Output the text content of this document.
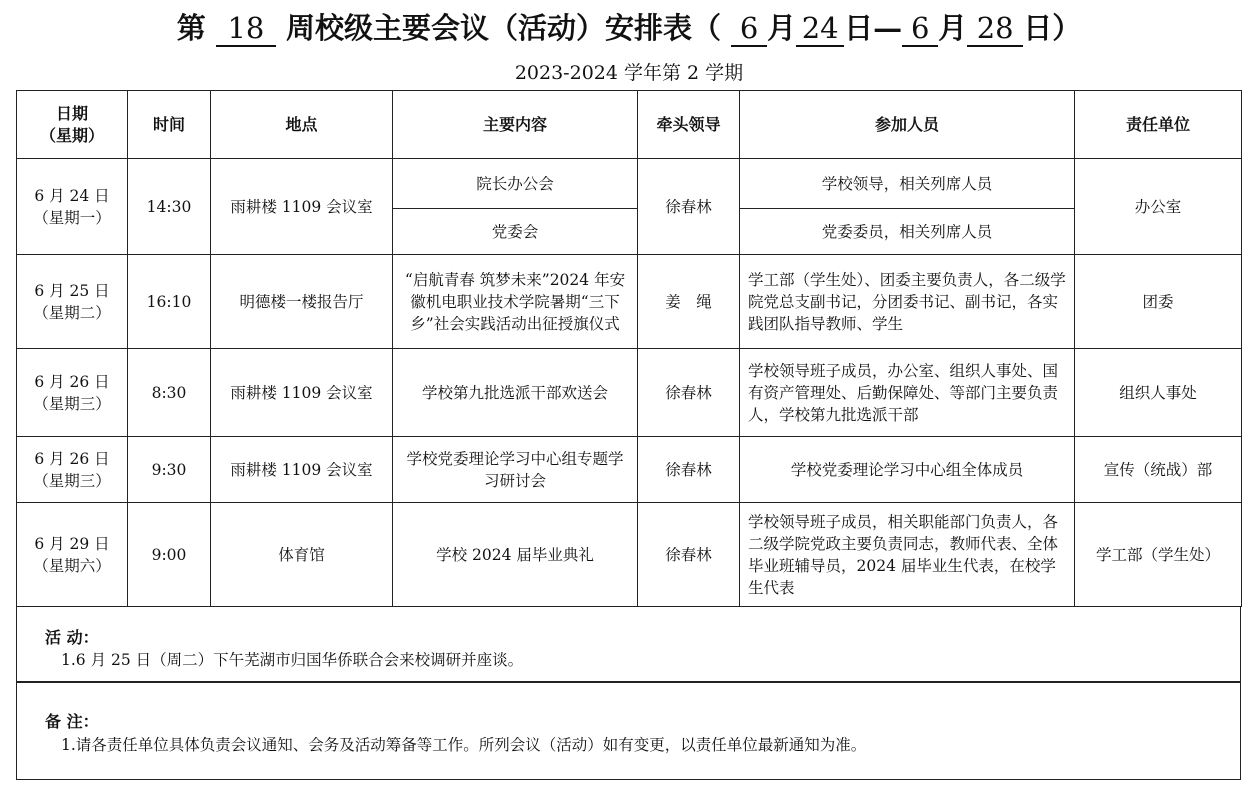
第 18 周校级主要会议（活动）安排表（ 6 月 24 日— 6 月 28 日）
2023-2024 学年第 2 学期
日期
（星期）	时间	地点	主要内容	牵头领导	参加人员	责任单位

6 月 24 日
（星期一）	14:30	雨耕楼 1109 会议室	院长办公会	徐春林	学校领导，相关列席人员	办公室
			党委会		党委委员，相关列席人员	

6 月 25 日
（星期二）	16:10	明德楼一楼报告厅	“启航青春 筑梦未来”2024 年安徽机电职业技术学院暑期“三下乡”社会实践活动出征授旗仪式	姜　绳	学工部（学生处）、团委主要负责人，各二级学院党总支副书记，分团委书记、副书记，各实践团队指导教师、学生	团委

6 月 26 日
（星期三）	8:30	雨耕楼 1109 会议室	学校第九批选派干部欢送会	徐春林	学校领导班子成员，办公室、组织人事处、国有资产管理处、后勤保障处、等部门主要负责人，学校第九批选派干部	组织人事处

6 月 26 日
（星期三）	9:30	雨耕楼 1109 会议室	学校党委理论学习中心组专题学习研讨会	徐春林	学校党委理论学习中心组全体成员	宣传（统战）部

6 月 29 日
（星期六）	9:00	体育馆	学校 2024 届毕业典礼	徐春林	学校领导班子成员，相关职能部门负责人，各二级学院党政主要负责同志，教师代表、全体毕业班辅导员，2024 届毕业生代表，在校学生代表	学工部（学生处）
活 动：

1.6 月 25 日（周二）下午芜湖市归国华侨联合会来校调研并座谈。

备 注：

1.请各责任单位具体负责会议通知、会务及活动筹备等工作。所列会议（活动）如有变更，以责任单位最新通知为准。
